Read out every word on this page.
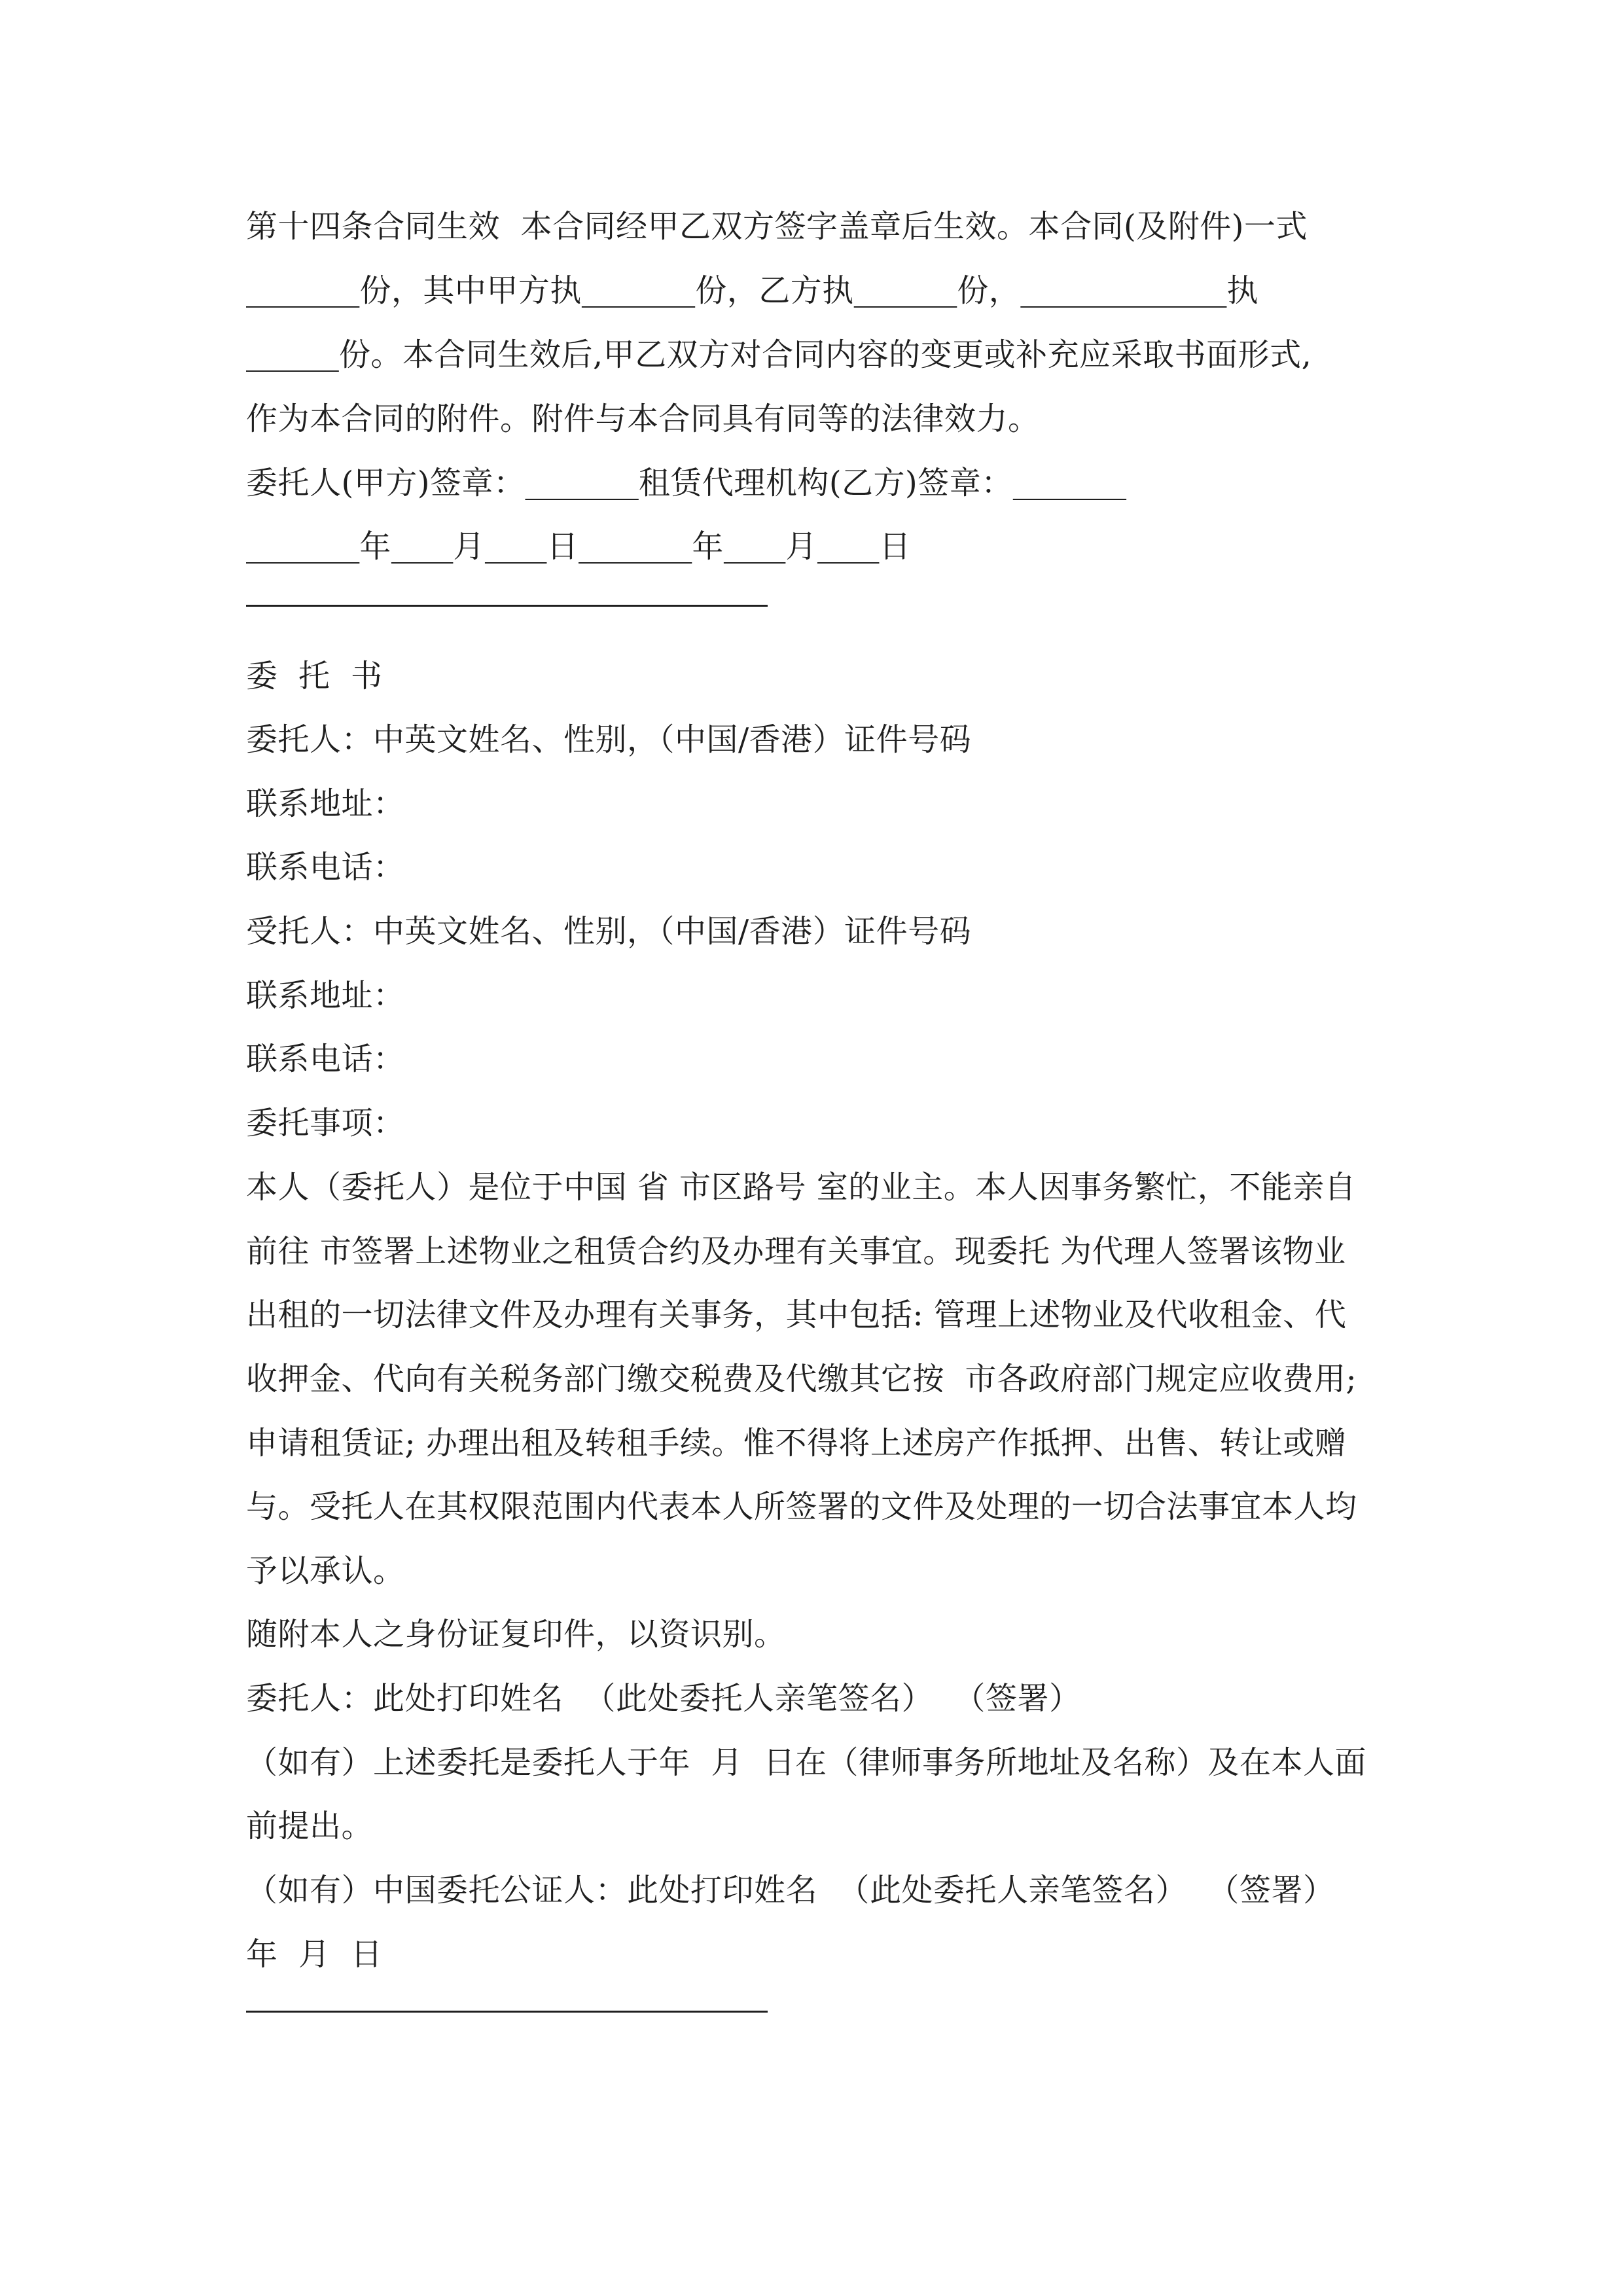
第十四条合同生效  本合同经甲乙双方签字盖章后生效。本合同(及附件)一式
份，其中甲方执	份，乙方执	份，	执
份。本合同生效后,甲乙双方对合同内容的变更或补充应采取书面形式,
作为本合同的附件。附件与本合同具有同等的法律效力。
委托人(甲方)签章：	租赁代理机构(乙方)签章：
年 月 日	年 月 日
委  托  书
委托人：中英文姓名、性别，（中国/香港）证件号码
联系地址：
联系电话：
受托人：中英文姓名、性别，（中国/香港）证件号码
联系地址：
联系电话：
委托事项：
本人（委托人）是位于中国 省 市区路号 室的业主。本人因事务繁忙，不能亲自
前往 市签署上述物业之租赁合约及办理有关事宜。现委托 为代理人签署该物业
出租的一切法律文件及办理有关事务，其中包括: 管理上述物业及代收租金、代
收押金、代向有关税务部门缴交税费及代缴其它按  市各政府部门规定应收费用;
申请租赁证; 办理出租及转租手续。惟不得将上述房产作抵押、出售、转让或赠
与。受托人在其权限范围内代表本人所签署的文件及处理的一切合法事宜本人均
予以承认。
随附本人之身份证复印件，以资识别。
委托人：此处打印姓名  （此处委托人亲笔签名）  （签署）
（如有）上述委托是委托人于年  月  日在（律师事务所地址及名称）及在本人面
前提出。
（如有）中国委托公证人：此处打印姓名  （此处委托人亲笔签名）  （签署）
年  月  日
